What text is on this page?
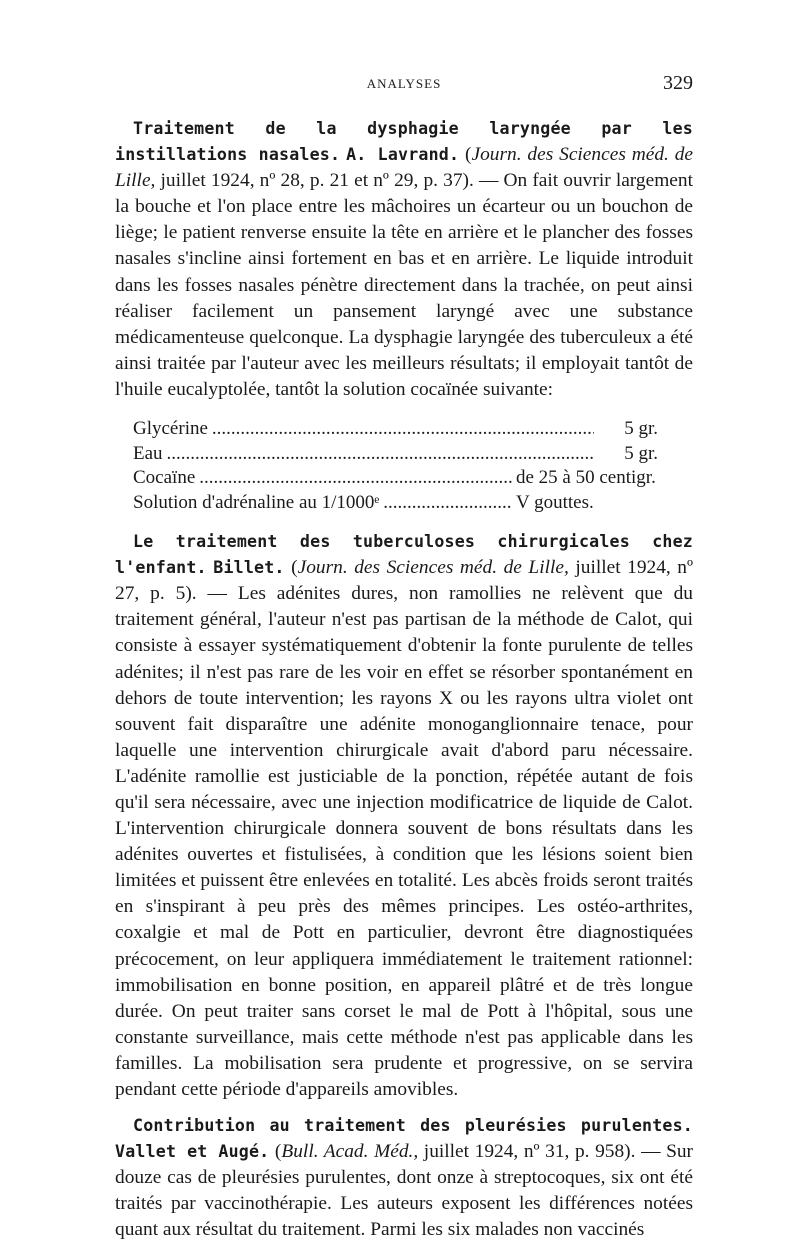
ANALYSES	329

Traitement de la dysphagie laryngée par les instillations nasales. A. Lavrand. (Journ. des Sciences méd. de Lille, juillet 1924, nº 28, p. 21 et nº 29, p. 37). — On fait ouvrir largement la bouche et l'on place entre les mâchoires un écarteur ou un bouchon de liège; le patient renverse ensuite la tête en arrière et le plancher des fosses nasales s'incline ainsi fortement en bas et en arrière. Le liquide introduit dans les fosses nasales pénètre directement dans la trachée, on peut ainsi réaliser facilement un pansement laryngé avec une substance médicamenteuse quelconque. La dysphagie laryngée des tuberculeux a été ainsi traitée par l'auteur avec les meilleurs résultats; il employait tantôt de l'huile eucalyptolée, tantôt la solution cocaïnée suivante:

Glycérine .....	5 gr.
Eau .....	5 gr.
Cocaïne .....	de 25 à 50 centigr.
Solution d'adrénaline au 1/1000ᵉ .....	V gouttes.

Le traitement des tuberculoses chirurgicales chez l'enfant. Billet. (Journ. des Sciences méd. de Lille, juillet 1924, nº 27, p. 5). — Les adénites dures, non ramollies ne relèvent que du traitement général, l'auteur n'est pas partisan de la méthode de Calot, qui consiste à essayer systématiquement d'obtenir la fonte purulente de telles adénites; il n'est pas rare de les voir en effet se résorber spontanément en dehors de toute intervention; les rayons X ou les rayons ultra violet ont souvent fait disparaître une adénite monoganglionnaire tenace, pour laquelle une intervention chirurgicale avait d'abord paru nécessaire. L'adénite ramollie est justiciable de la ponction, répétée autant de fois qu'il sera nécessaire, avec une injection modificatrice de liquide de Calot. L'intervention chirurgicale donnera souvent de bons résultats dans les adénites ouvertes et fistulisées, à condition que les lésions soient bien limitées et puissent être enlevées en totalité. Les abcès froids seront traités en s'inspirant à peu près des mêmes principes. Les ostéo-arthrites, coxalgie et mal de Pott en particulier, devront être diagnostiquées précocement, on leur appliquera immédiatement le traitement rationnel: immobilisation en bonne position, en appareil plâtré et de très longue durée. On peut traiter sans corset le mal de Pott à l'hôpital, sous une constante surveillance, mais cette méthode n'est pas applicable dans les familles. La mobilisation sera prudente et progressive, on se servira pendant cette période d'appareils amovibles.

Contribution au traitement des pleurésies purulentes. Vallet et Augé. (Bull. Acad. Méd., juillet 1924, nº 31, p. 958). — Sur douze cas de pleurésies purulentes, dont onze à streptocoques, six ont été traités par vaccinothérapie. Les auteurs exposent les différences notées quant aux résultat du traitement. Parmi les six malades non vaccinés
